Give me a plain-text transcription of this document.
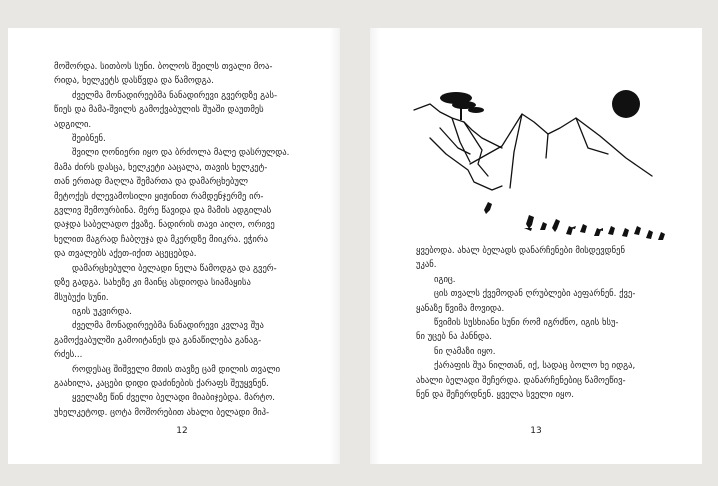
მოშორდა. სითბოს სუნი. ბოლოს შეილს თვალი მოა-

რიდა, ხელკეტს დასწვდა და წამოდგა.

ძველმა მონადირეებმა ნანადირევი გვერდზე გას-

წიეს და მამა-შვილს გამოქვაბულის შუაში დაუთმეს

ადგილი.

შეიბნენ.

შვილი ღონიერი იყო და ბრძოლა მალე დასრულდა.

მამა ძირს დასცა, ხელკეტი ააცალა, თავის ხელკეტ-

თან ერთად მაღლა შემართა და დამარცხებულ

მეტოქეს ძლევამოსილი ყიჟინით რამდენჯერმე ირ-

გვლივ შემოურბინა. მერე წავიდა და მამის ადგილას

დაჯდა საბელადო ქვაზე. ნადირის თავი აიღო, ორივე

ხელით მაგრად ჩაბღუჯა და მკერდზე მიიკრა. ეჭირა

და თვალებს აქეთ-იქით აცეცებდა.

დამარცხებული ბელადი ნელა წამოდგა და გვერ-

დზე გადგა. სახეზე კი მაინც ასდიოდა სიამაყისა

მსუბუქი სუნი.

იგის უკვირდა.

ძველმა მონადირეებმა ნანადირევი კვლავ შუა

გამოქვაბულში გამოიტანეს და განაწილება განაგ-

რძეს...

როდესაც შიშველი მთის თავზე ცამ დილის თვალი

გაახილა, კაცები დიდი დაძინების ქარაფს შეუყვნენ.

ყველაზე წინ ძველი ბელადი მიაბიჯებდა. მარტო.

უხელკეტოდ. ცოტა მოშორებით ახალი ბელადი მიჰ-

12

ყვებოდა. ახალ ბელადს დანარჩენები მისდევდნენ

უკან.

იგიც.

ცის თვალს ქვემოდან ღრუბლები აეფარნენ. ქვე-

ყანაზე წვიმა მოვიდა.

წვიმის სუსხიანი სუნი რომ იგრძნო, იგის ხსუ-

ნი უცებ ნა ჰანნდა.

ნი ღამაზი იყო.

ქარაფის შუა ნილთან, იქ, სადაც ბოლო ხე იდგა,

ახალი ბელადი შეჩერდა. დანარჩენებიც წამოეწივ-

ნენ და შეჩერდნენ. ყველა სველი იყო.

13
